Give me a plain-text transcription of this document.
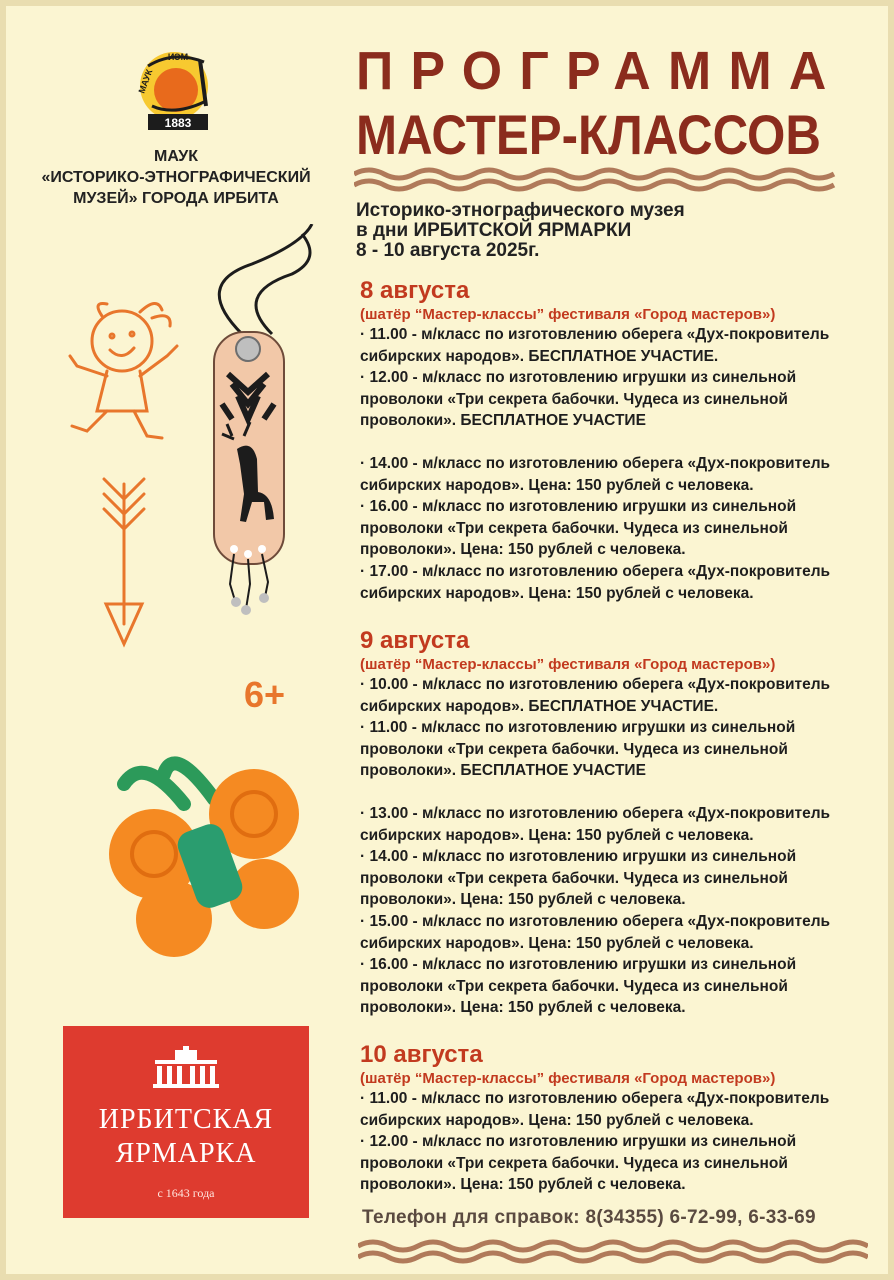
1883
ИЭМ
МАУК
МАУК
«ИСТОРИКО-ЭТНОГРАФИЧЕСКИЙ
МУЗЕЙ» ГОРОДА ИРБИТА
6+
ПРОГРАММА
МАСТЕР-КЛАССОВ
Историко-этнографического музея
в дни ИРБИТСКОЙ ЯРМАРКИ
8 - 10 августа 2025г.
8 августа
(шатёр “Мастер-классы” фестиваля «Город мастеров»)
· 11.00 - м/класс по изготовлению оберега «Дух-покровитель
сибирских народов». БЕСПЛАТНОЕ УЧАСТИЕ.
· 12.00 - м/класс по изготовлению игрушки из синельной
проволоки «Три секрета бабочки. Чудеса из синельной
проволоки». БЕСПЛАТНОЕ УЧАСТИЕ
· 14.00 - м/класс по изготовлению оберега «Дух-покровитель
сибирских народов». Цена: 150 рублей с человека.
· 16.00 - м/класс по изготовлению игрушки из синельной
проволоки «Три секрета бабочки. Чудеса из синельной
проволоки». Цена: 150 рублей с человека.
· 17.00 - м/класс по изготовлению оберега «Дух-покровитель
сибирских народов». Цена: 150 рублей с человека.
9 августа
(шатёр “Мастер-классы” фестиваля «Город мастеров»)
· 10.00 - м/класс по изготовлению оберега «Дух-покровитель
сибирских народов». БЕСПЛАТНОЕ УЧАСТИЕ.
· 11.00 - м/класс по изготовлению игрушки из синельной
проволоки «Три секрета бабочки. Чудеса из синельной
проволоки». БЕСПЛАТНОЕ УЧАСТИЕ
· 13.00 - м/класс по изготовлению оберега «Дух-покровитель
сибирских народов». Цена: 150 рублей с человека.
· 14.00 - м/класс по изготовлению игрушки из синельной
проволоки «Три секрета бабочки. Чудеса из синельной
проволоки». Цена: 150 рублей с человека.
· 15.00 - м/класс по изготовлению оберега «Дух-покровитель
сибирских народов». Цена: 150 рублей с человека.
· 16.00 - м/класс по изготовлению игрушки из синельной
проволоки «Три секрета бабочки. Чудеса из синельной
проволоки». Цена: 150 рублей с человека.
10 августа
(шатёр “Мастер-классы” фестиваля «Город мастеров»)
· 11.00 - м/класс по изготовлению оберега «Дух-покровитель
сибирских народов». Цена: 150 рублей с человека.
· 12.00 - м/класс по изготовлению игрушки из синельной
проволоки «Три секрета бабочки. Чудеса из синельной
проволоки». Цена: 150 рублей с человека.
Телефон для справок: 8(34355) 6-72-99, 6-33-69
ИРБИТСКАЯ
ЯРМАРКА
с 1643 года
